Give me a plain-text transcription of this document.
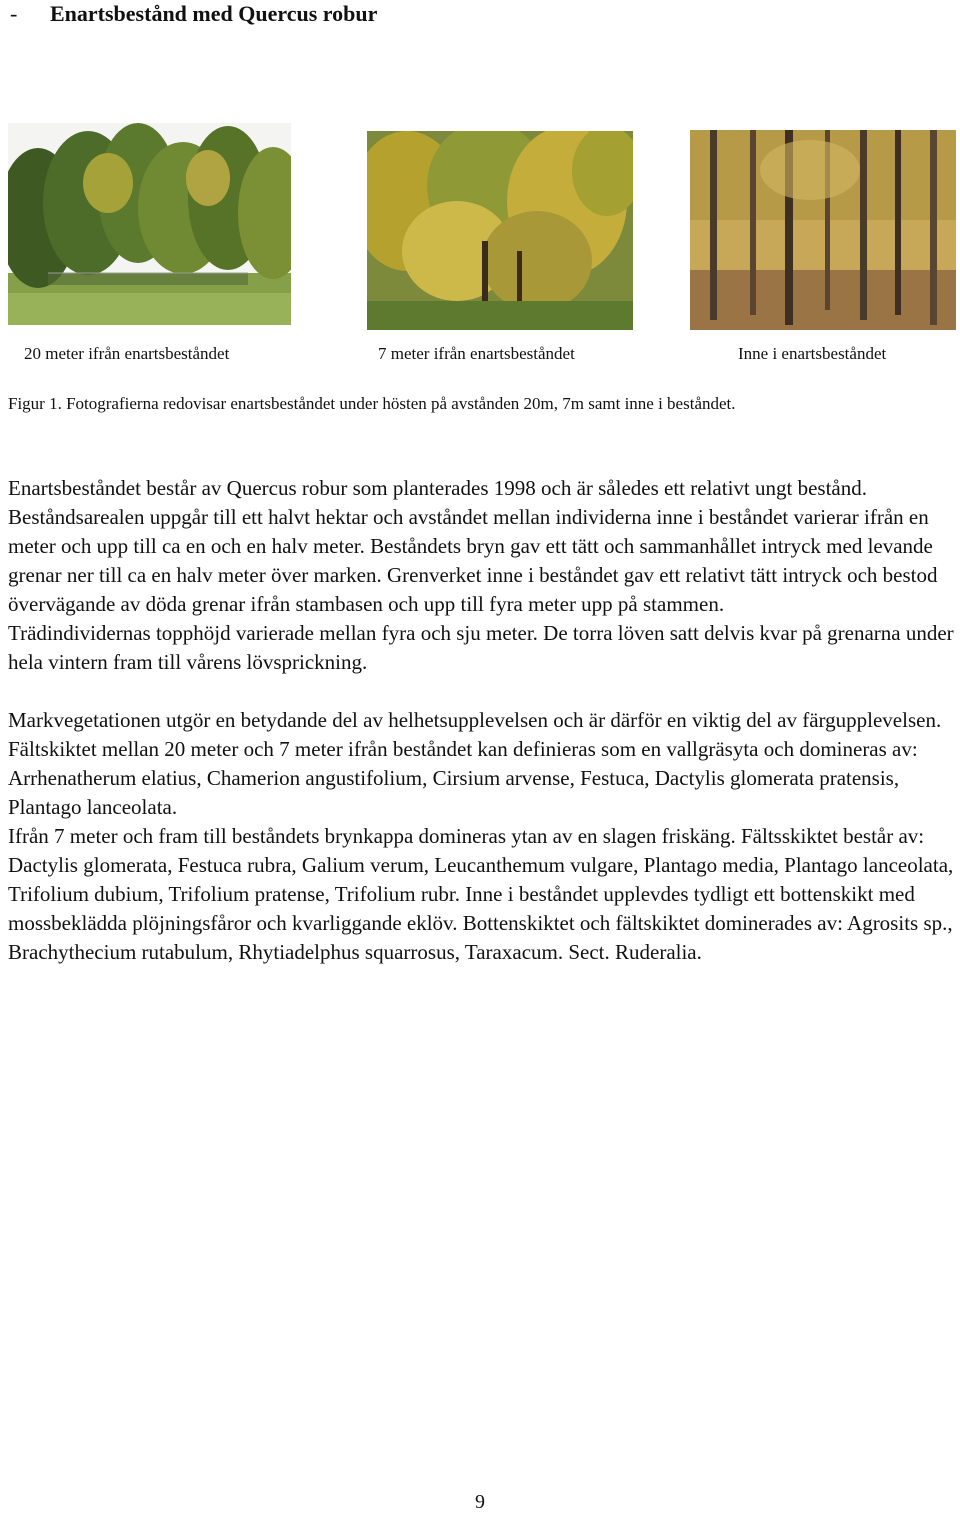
- Enartsbestånd med Quercus robur
20 meter ifrån enartsbeståndet	7 meter ifrån enartsbeståndet	Inne i enartsbeståndet
Figur 1. Fotografierna redovisar enartsbeståndet under hösten på avstånden 20m, 7m samt inne i beståndet.

Enartsbeståndet består av Quercus robur som planterades 1998 och är således ett relativt ungt bestånd. Beståndsarealen uppgår till ett halvt hektar och avståndet mellan individerna inne i beståndet varierar ifrån en meter och upp till ca en och en halv meter. Beståndets bryn gav ett tätt och sammanhållet intryck med levande grenar ner till ca en halv meter över marken. Grenverket inne i beståndet gav ett relativt tätt intryck och bestod övervägande av döda grenar ifrån stambasen och upp till fyra meter upp på stammen.

Trädindividernas topphöjd varierade mellan fyra och sju meter. De torra löven satt delvis kvar på grenarna under hela vintern fram till vårens lövsprickning.

Markvegetationen utgör en betydande del av helhetsupplevelsen och är därför en viktig del av färgupplevelsen.

Fältskiktet mellan 20 meter och 7 meter ifrån beståndet kan definieras som en vallgräsyta och domineras av: Arrhenatherum elatius, Chamerion angustifolium, Cirsium arvense, Festuca, Dactylis glomerata pratensis, Plantago lanceolata.

Ifrån 7 meter och fram till beståndets brynkappa domineras ytan av en slagen friskäng. Fältsskiktet består av: Dactylis glomerata, Festuca rubra, Galium verum, Leucanthemum vulgare, Plantago media, Plantago lanceolata, Trifolium dubium, Trifolium pratense, Trifolium rubr. Inne i beståndet upplevdes tydligt ett bottenskikt med mossbeklädda plöjningsfåror och kvarliggande eklöv. Bottenskiktet och fältskiktet dominerades av: Agrosits sp., Brachythecium rutabulum, Rhytiadelphus squarrosus, Taraxacum. Sect. Ruderalia.

9
